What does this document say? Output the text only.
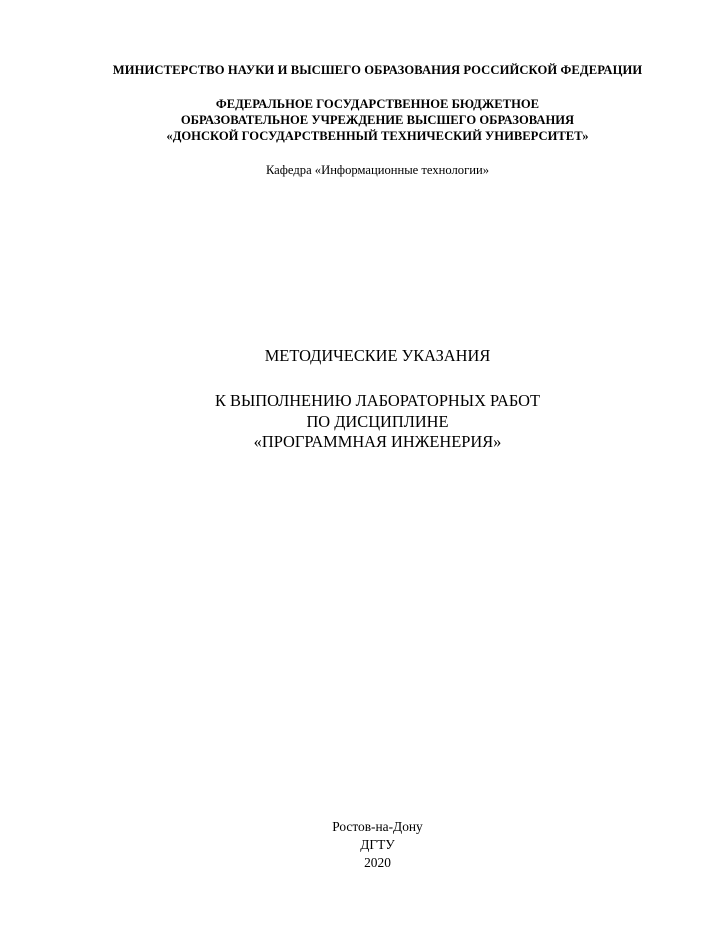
МИНИСТЕРСТВО НАУКИ И ВЫСШЕГО ОБРАЗОВАНИЯ РОССИЙСКОЙ ФЕДЕРАЦИИ
ФЕДЕРАЛЬНОЕ ГОСУДАРСТВЕННОЕ БЮДЖЕТНОЕ
ОБРАЗОВАТЕЛЬНОЕ УЧРЕЖДЕНИЕ ВЫСШЕГО ОБРАЗОВАНИЯ
«ДОНСКОЙ ГОСУДАРСТВЕННЫЙ ТЕХНИЧЕСКИЙ УНИВЕРСИТЕТ»
Кафедра «Информационные технологии»
МЕТОДИЧЕСКИЕ УКАЗАНИЯ
К ВЫПОЛНЕНИЮ ЛАБОРАТОРНЫХ РАБОТ
ПО ДИСЦИПЛИНЕ
«ПРОГРАММНАЯ ИНЖЕНЕРИЯ»
Ростов-на-Дону
ДГТУ
2020
